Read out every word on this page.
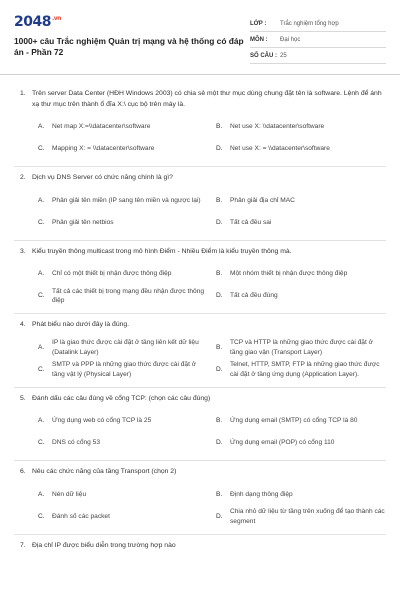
$2048^{.vn}$
1000+ câu Trắc nghiệm Quản trị mạng và hệ thống có đáp án - Phần 72
LỚP :	Trắc nghiệm tổng hợp
MÔN :	Đại học
SỐ CÂU : 25
1. Trên server Data Center (HĐH Windows 2003) có chia sẻ một thư mục dùng chung đặt tên là software. Lệnh để ánh xạ thư mục trên thành ổ đĩa X:\ cục bộ trên máy là.
A.	Net map X:=\\datacenter\software	B.	Net use X: \\datacenter\software
C.	Mapping X: = \\datacenter\software	D.	Net use X: = \\datacenter\software
2. Dịch vụ DNS Server có chức năng chính là gì?
A.	Phân giải tên miền (IP sang tên miền và ngược lại)	B.	Phân giải địa chỉ MAC
C.	Phân giải tên netbios	D.	Tất cả đều sai
3. Kiểu truyền thông multicast trong mô hình Điểm - Nhiều Điểm là kiểu truyền thông mà.
A.	Chỉ có một thiết bị nhận được thông điệp	B.	Một nhóm thiết bị nhận được thông điệp
C.
Tất cả các thiết bị trong mạng đều nhận được thông điệp
D.	Tất cả đều đúng
4. Phát biểu nào dưới đây là đúng.
A.
IP là giao thức được cài đặt ở tầng liên kết dữ liệu (Datalink Layer)
B.
TCP và HTTP là những giao thức được cài đặt ở tầng giao vận (Transport Layer)
C.
SMTP và PPP là những giao thức được cài đặt ở tầng vật lý (Physical Layer)
D.
Telnet, HTTP, SMTP, FTP là những giao thức được cài đặt ở tầng ứng dụng (Application Layer).
5. Đánh dấu các câu đúng về cổng TCP: (chọn các câu đúng)
A.	Ứng dụng web có cổng TCP là 25	B.	Ứng dụng email (SMTP) có cổng TCP là 80
C.	DNS có cổng 53	D.	Ứng dụng email (POP) có cổng 110
6. Nêu các chức năng của tầng Transport (chọn 2)
A.	Nén dữ liệu	B.	Định dạng thông điệp
C.	Đánh số các packet	D.
Chia nhỏ dữ liệu từ tầng trên xuống để tạo thành các segment
7. Địa chỉ IP được biểu diễn trong trường hợp nào
